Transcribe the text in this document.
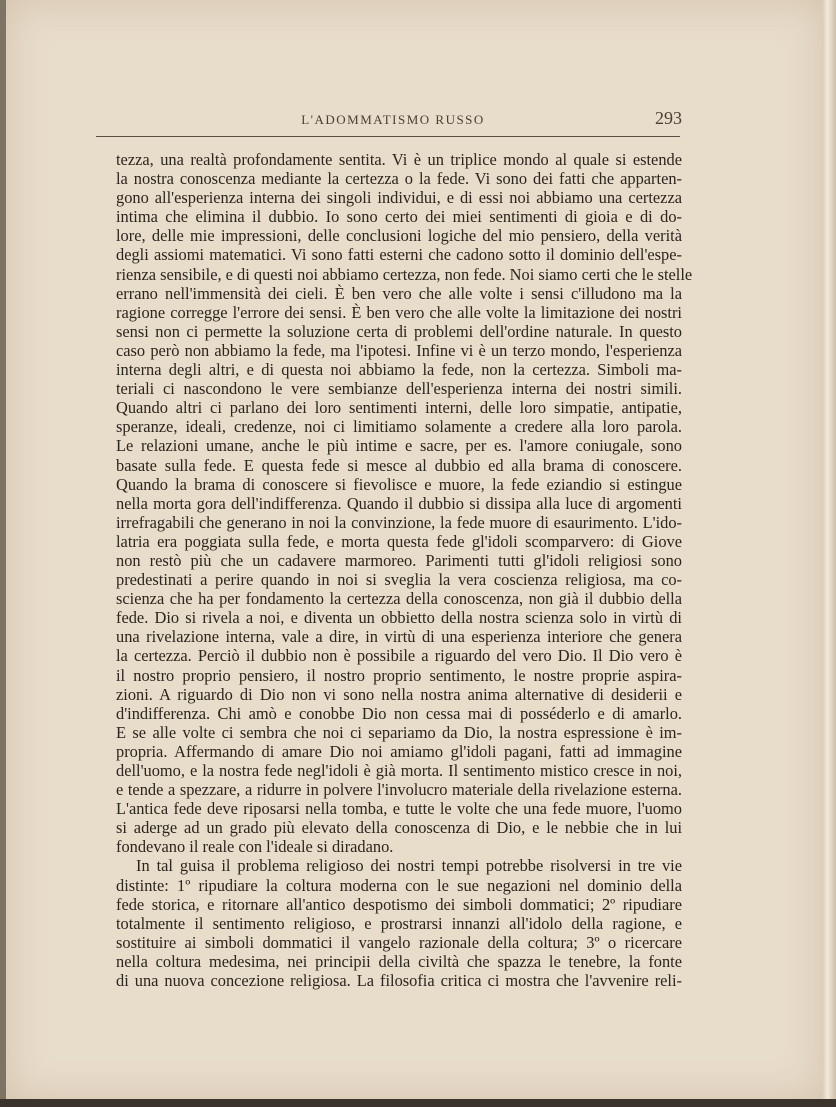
L'ADOMMATISMO RUSSO	293
tezza, una realtà profondamente sentita. Vi è un triplice mondo al quale si estende
la nostra conoscenza mediante la certezza o la fede. Vi sono dei fatti che apparten-
gono all'esperienza interna dei singoli individui, e di essi noi abbiamo una certezza
intima che elimina il dubbio. Io sono certo dei miei sentimenti di gioia e di do-
lore, delle mie impressioni, delle conclusioni logiche del mio pensiero, della verità
degli assiomi matematici. Vi sono fatti esterni che cadono sotto il dominio dell'espe-
rienza sensibile, e di questi noi abbiamo certezza, non fede. Noi siamo certi che le stelle
errano nell'immensità dei cieli. È ben vero che alle volte i sensi c'illudono ma la
ragione corregge l'errore dei sensi. È ben vero che alle volte la limitazione dei nostri
sensi non ci permette la soluzione certa di problemi dell'ordine naturale. In questo
caso però non abbiamo la fede, ma l'ipotesi. Infine vi è un terzo mondo, l'esperienza
interna degli altri, e di questa noi abbiamo la fede, non la certezza. Simboli ma-
teriali ci nascondono le vere sembianze dell'esperienza interna dei nostri simili.
Quando altri ci parlano dei loro sentimenti interni, delle loro simpatie, antipatie,
speranze, ideali, credenze, noi ci limitiamo solamente a credere alla loro parola.
Le relazioni umane, anche le più intime e sacre, per es. l'amore coniugale, sono
basate sulla fede. E questa fede si mesce al dubbio ed alla brama di conoscere.
Quando la brama di conoscere si fievolisce e muore, la fede eziandio si estingue
nella morta gora dell'indifferenza. Quando il dubbio si dissipa alla luce di argomenti
irrefragabili che generano in noi la convinzione, la fede muore di esaurimento. L'ido-
latria era poggiata sulla fede, e morta questa fede gl'idoli scomparvero: di Giove
non restò più che un cadavere marmoreo. Parimenti tutti gl'idoli religiosi sono
predestinati a perire quando in noi si sveglia la vera coscienza religiosa, ma co-
scienza che ha per fondamento la certezza della conoscenza, non già il dubbio della
fede. Dio si rivela a noi, e diventa un obbietto della nostra scienza solo in virtù di
una rivelazione interna, vale a dire, in virtù di una esperienza interiore che genera
la certezza. Perciò il dubbio non è possibile a riguardo del vero Dio. Il Dio vero è
il nostro proprio pensiero, il nostro proprio sentimento, le nostre proprie aspira-
zioni. A riguardo di Dio non vi sono nella nostra anima alternative di desiderii e
d'indifferenza. Chi amò e conobbe Dio non cessa mai di posséderlo e di amarlo.
E se alle volte ci sembra che noi ci separiamo da Dio, la nostra espressione è im-
propria. Affermando di amare Dio noi amiamo gl'idoli pagani, fatti ad immagine
dell'uomo, e la nostra fede negl'idoli è già morta. Il sentimento mistico cresce in noi,
e tende a spezzare, a ridurre in polvere l'involucro materiale della rivelazione esterna.
L'antica fede deve riposarsi nella tomba, e tutte le volte che una fede muore, l'uomo
si aderge ad un grado più elevato della conoscenza di Dio, e le nebbie che in lui
fondevano il reale con l'ideale si diradano.
In tal guisa il problema religioso dei nostri tempi potrebbe risolversi in tre vie
distinte: 1º ripudiare la coltura moderna con le sue negazioni nel dominio della
fede storica, e ritornare all'antico despotismo dei simboli dommatici; 2º ripudiare
totalmente il sentimento religioso, e prostrarsi innanzi all'idolo della ragione, e
sostituire ai simboli dommatici il vangelo razionale della coltura; 3º o ricercare
nella coltura medesima, nei principii della civiltà che spazza le tenebre, la fonte
di una nuova concezione religiosa. La filosofia critica ci mostra che l'avvenire reli-
